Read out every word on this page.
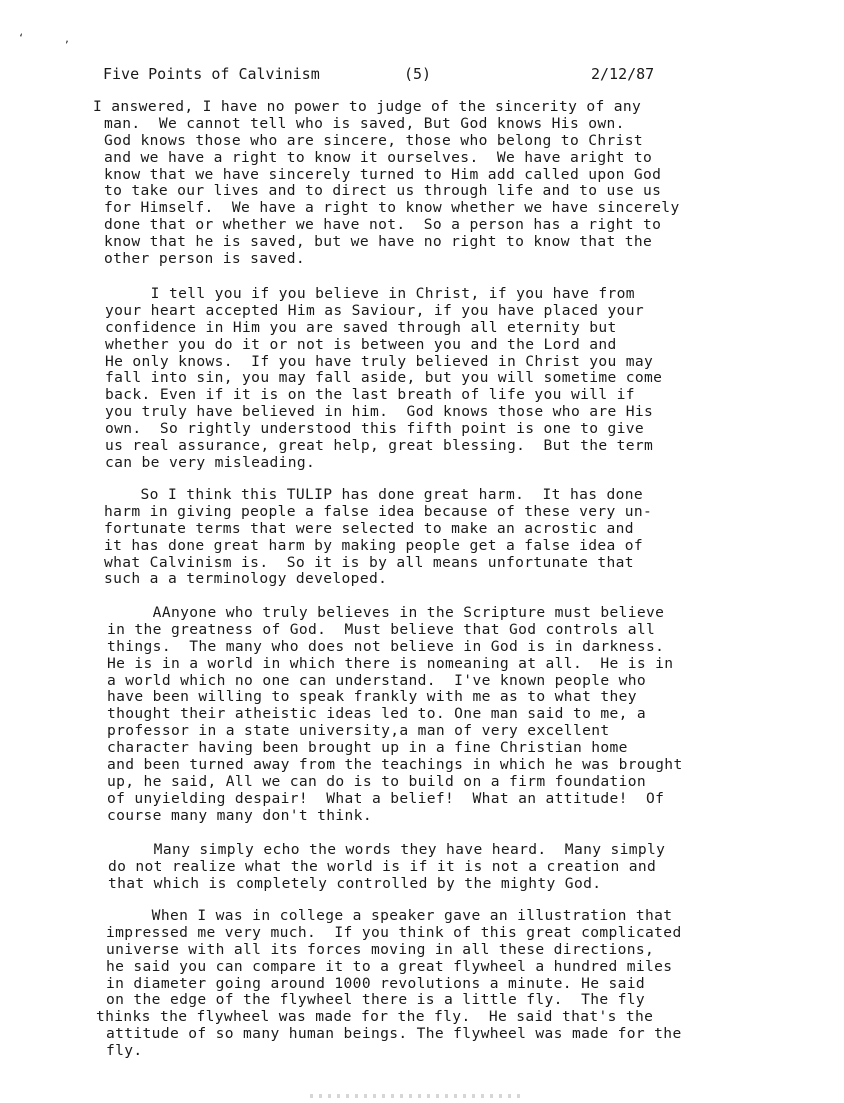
‘	,

Five Points of Calvinism

	(5)

	2/12/87

I answered, I have no power to judge of the sincerity of any
man.  We cannot tell who is saved, But God knows His own.
God knows those who are sincere, those who belong to Christ
and we have a right to know it ourselves.  We have aright to
know that we have sincerely turned to Him add called upon God
to take our lives and to direct us through life and to use us
for Himself.  We have a right to know whether we have sincerely
done that or whether we have not.  So a person has a right to
know that he is saved, but we have no right to know that the
other person is saved.
I tell you if you believe in Christ, if you have from
your heart accepted Him as Saviour, if you have placed your
confidence in Him you are saved through all eternity but
whether you do it or not is between you and the Lord and
He only knows.  If you have truly believed in Christ you may
fall into sin, you may fall aside, but you will sometime come
back. Even if it is on the last breath of life you will if
you truly have believed in him.  God knows those who are His
own.  So rightly understood this fifth point is one to give
us real assurance, great help, great blessing.  But the term
can be very misleading.
So I think this TULIP has done great harm.  It has done
harm in giving people a false idea because of these very un-
fortunate terms that were selected to make an acrostic and
it has done great harm by making people get a false idea of
what Calvinism is.  So it is by all means unfortunate that
such a a terminology developed.
AAnyone who truly believes in the Scripture must believe
in the greatness of God.  Must believe that God controls all
things.  The many who does not believe in God is in darkness.
He is in a world in which there is nomeaning at all.  He is in
a world which no one can understand.  I've known people who
have been willing to speak frankly with me as to what they
thought their atheistic ideas led to. One man said to me, a
professor in a state university,a man of very excellent
character having been brought up in a fine Christian home
and been turned away from the teachings in which he was brought
up, he said, All we can do is to build on a firm foundation
of unyielding despair!  What a belief!  What an attitude!  Of
course many many don't think.
Many simply echo the words they have heard.  Many simply
do not realize what the world is if it is not a creation and
that which is completely controlled by the mighty God.
When I was in college a speaker gave an illustration that
impressed me very much.  If you think of this great complicated
universe with all its forces moving in all these directions,
he said you can compare it to a great flywheel a hundred miles
in diameter going around 1000 revolutions a minute. He said
on the edge of the flywheel there is a little fly.  The fly
thinks the flywheel was made for the fly.  He said that's the
attitude of so many human beings. The flywheel was made for the
fly.
